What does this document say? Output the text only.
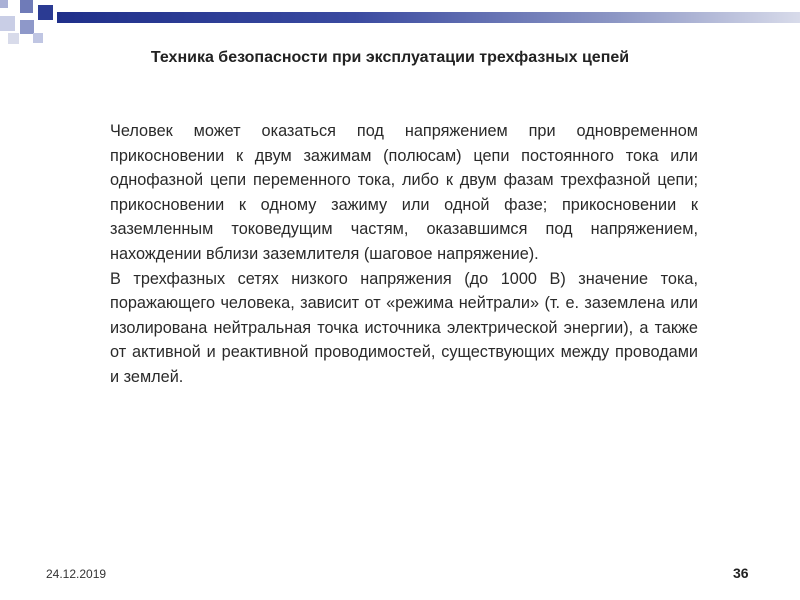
Техника безопасности при эксплуатации трехфазных цепей

Человек может оказаться под напряжением при одновременном прикосновении к двум зажимам (полюсам) цепи постоянного тока или однофазной цепи переменного тока, либо к двум фазам трехфазной цепи; прикосновении к одному зажиму или одной фазе; прикосновении к заземленным токоведущим частям, оказавшимся под напряжением, нахождении вблизи заземлителя (шаговое напряжение).

В трехфазных сетях низкого напряжения (до 1000 В) значение тока, поражающего человека, зависит от «режима нейтрали» (т. е. заземлена или изолирована нейтральная точка источника электрической энергии), а также от активной и реактивной проводимостей, существующих между проводами и землей.

24.12.2019	36
